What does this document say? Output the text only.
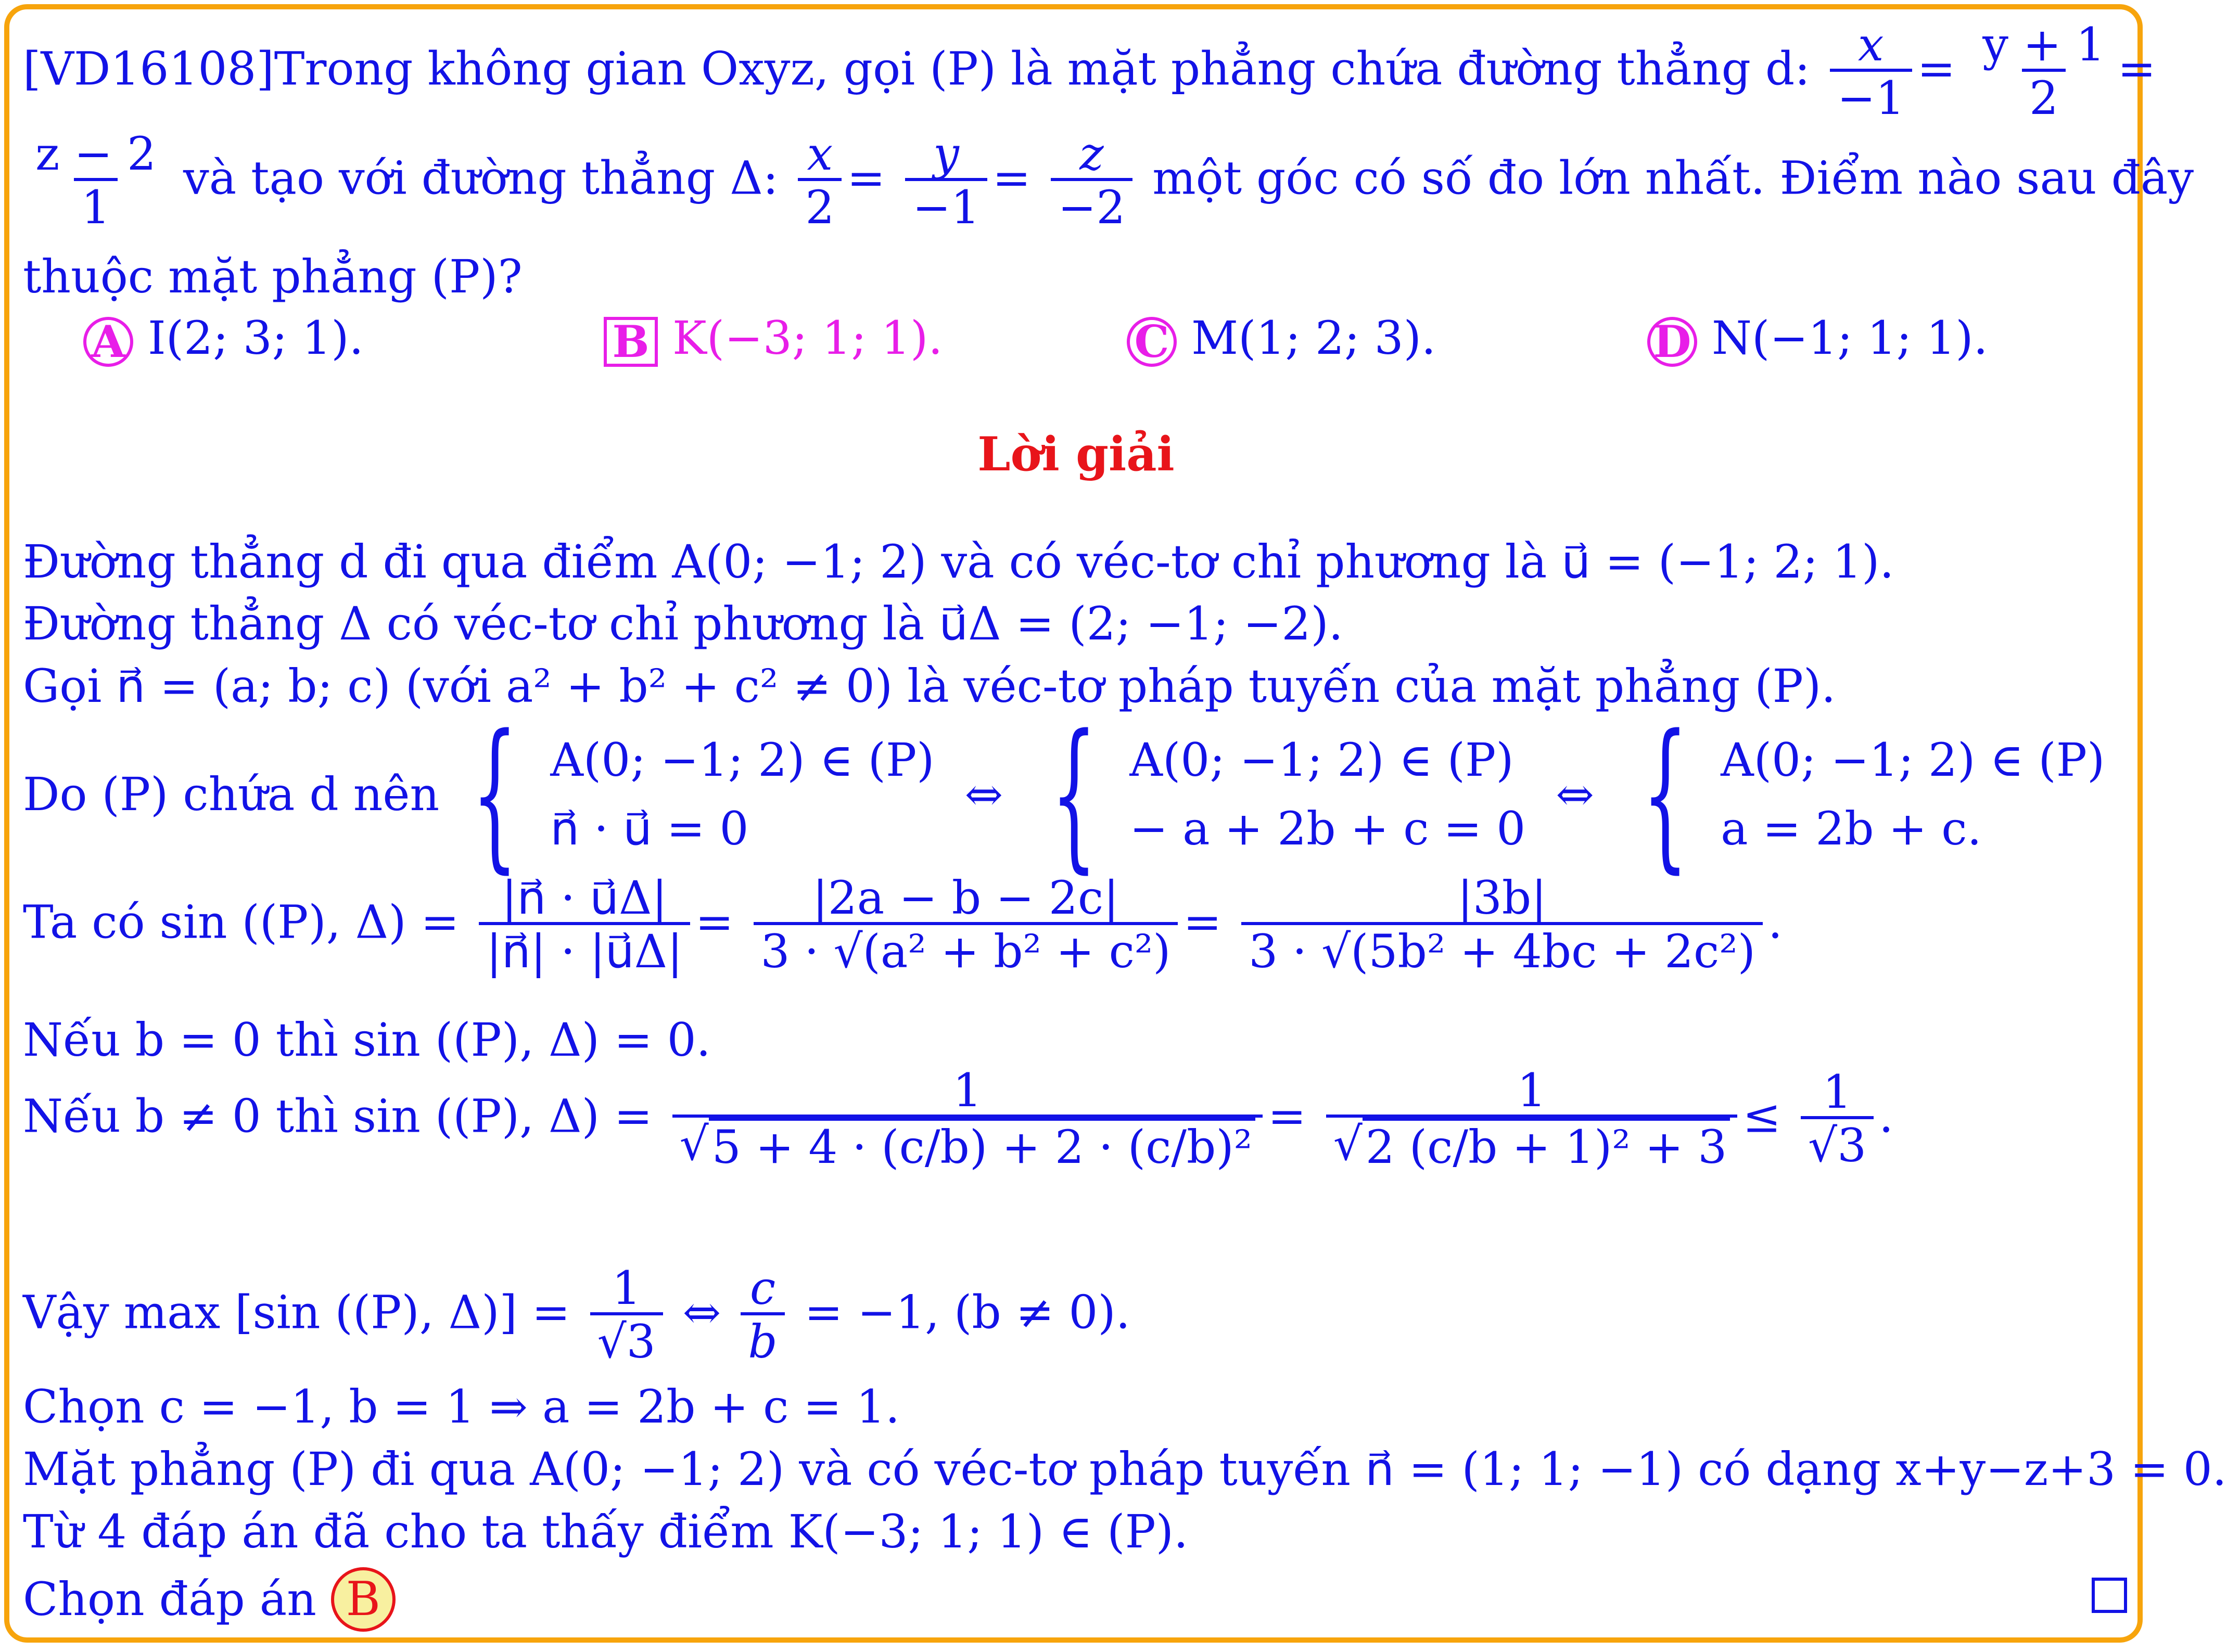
[VD16108]Trong không gian Oxyz, gọi (P) là mặt phẳng chứa đường thẳng d: $\frac{x}{-1} = \frac{y + 1}{2}$ =
$\frac{z - 2}{1}$ và tạo với đường thẳng Δ: $\frac{x}{2} = \frac{y}{-1} = \frac{z}{-2}$ một góc có số đo lớn nhất. Điểm nào sau đây
thuộc mặt phẳng (P)?
A I(2; 3; 1).	B K(−3; 1; 1).	C M(1; 2; 3).	D N(−1; 1; 1).
Lời giải
Đường thẳng d đi qua điểm A(0; −1; 2) và có véc-tơ chỉ phương là u⃗ = (−1; 2; 1).
Đường thẳng Δ có véc-tơ chỉ phương là u⃗Δ = (2; −1; −2).
Gọi n⃗ = (a; b; c) (với a² + b² + c² ≠ 0) là véc-tơ pháp tuyến của mặt phẳng (P).
Do (P) chứa d nên { A(0; −1; 2) ∈ (P)
n⃗ · u⃗ = 0
⇔ { A(0; −1; 2) ∈ (P)
− a + 2b + c = 0
⇔ { A(0; −1; 2) ∈ (P)
a = 2b + c.
Ta có sin ((P), $\Delta) = \frac{|n⃗ \cdot u⃗\Delta|}{|n⃗| \cdot |u⃗\Delta|} = \frac{|2a - b - 2c|}{\text{3 · √(a² + b² + c²)}} = \frac{|3b|}{\text{3 · √(5b² + 4bc + 2c²)}}$ .
Nếu b = 0 thì sin ((P), Δ) = 0.
Nếu b ≠ 0 thì sin ((P), $\Delta) = \frac{1}{\text{√ 5 + 4 · (c/b) + 2 · (c/b)²}} = \frac{1}{\text{√ 2 (c/b + 1)² + 3}} \le \frac{1}{√3}$ .
Vậy max [sin ((P), $\Delta)] = \frac{1}{√3}$ ⇔ $\frac{c}{b} = -1$, (b ≠ 0).
Chọn c = −1, b = 1 ⇒ a = 2b + c = 1.
Mặt phẳng (P) đi qua A(0; −1; 2) và có véc-tơ pháp tuyến n⃗ = (1; 1; −1) có dạng x+y−z+3 = 0.
Từ 4 đáp án đã cho ta thấy điểm K(−3; 1; 1) ∈ (P).
Chọn đáp án B
